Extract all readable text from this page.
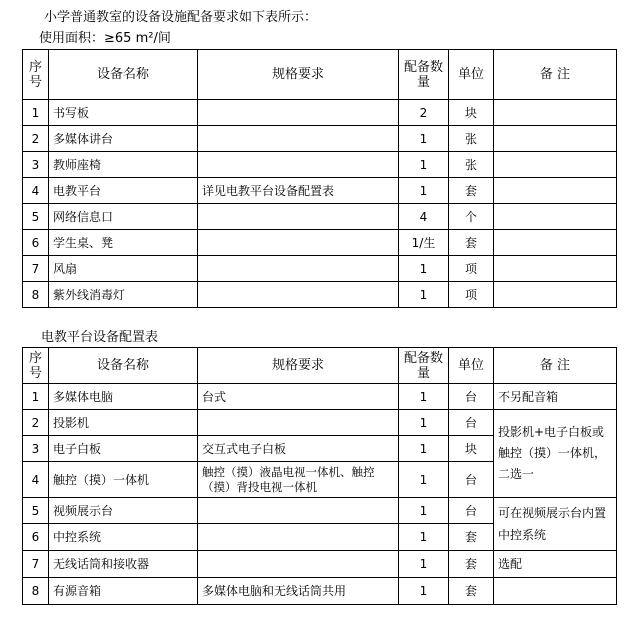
小学普通教室的设备设施配备要求如下表所示：
使用面积：≥65 m²/间
序号	设备名称	规格要求	配备数量	单位	备 注
1	书写板		2	块	
2	多媒体讲台		1	张	
3	教师座椅		1	张	
4	电教平台	详见电教平台设备配置表	1	套	
5	网络信息口		4	个	
6	学生桌、凳		1/生	套	
7	风扇		1	项	
8	紫外线消毒灯		1	项	
电教平台设备配置表
序号	设备名称	规格要求	配备数量	单位	备 注
1	多媒体电脑	台式	1	台	不另配音箱
2	投影机		1	台	投影机+电子白板或触控（摸）一体机，二选一
3	电子白板	交互式电子白板	1	块	
4	触控（摸）一体机	触控（摸）液晶电视一体机、触控（摸）背投电视一体机	1	台	
5	视频展示台		1	台	可在视频展示台内置中控系统
6	中控系统		1	套	
7	无线话筒和接收器		1	套	选配
8	有源音箱	多媒体电脑和无线话筒共用	1	套	
